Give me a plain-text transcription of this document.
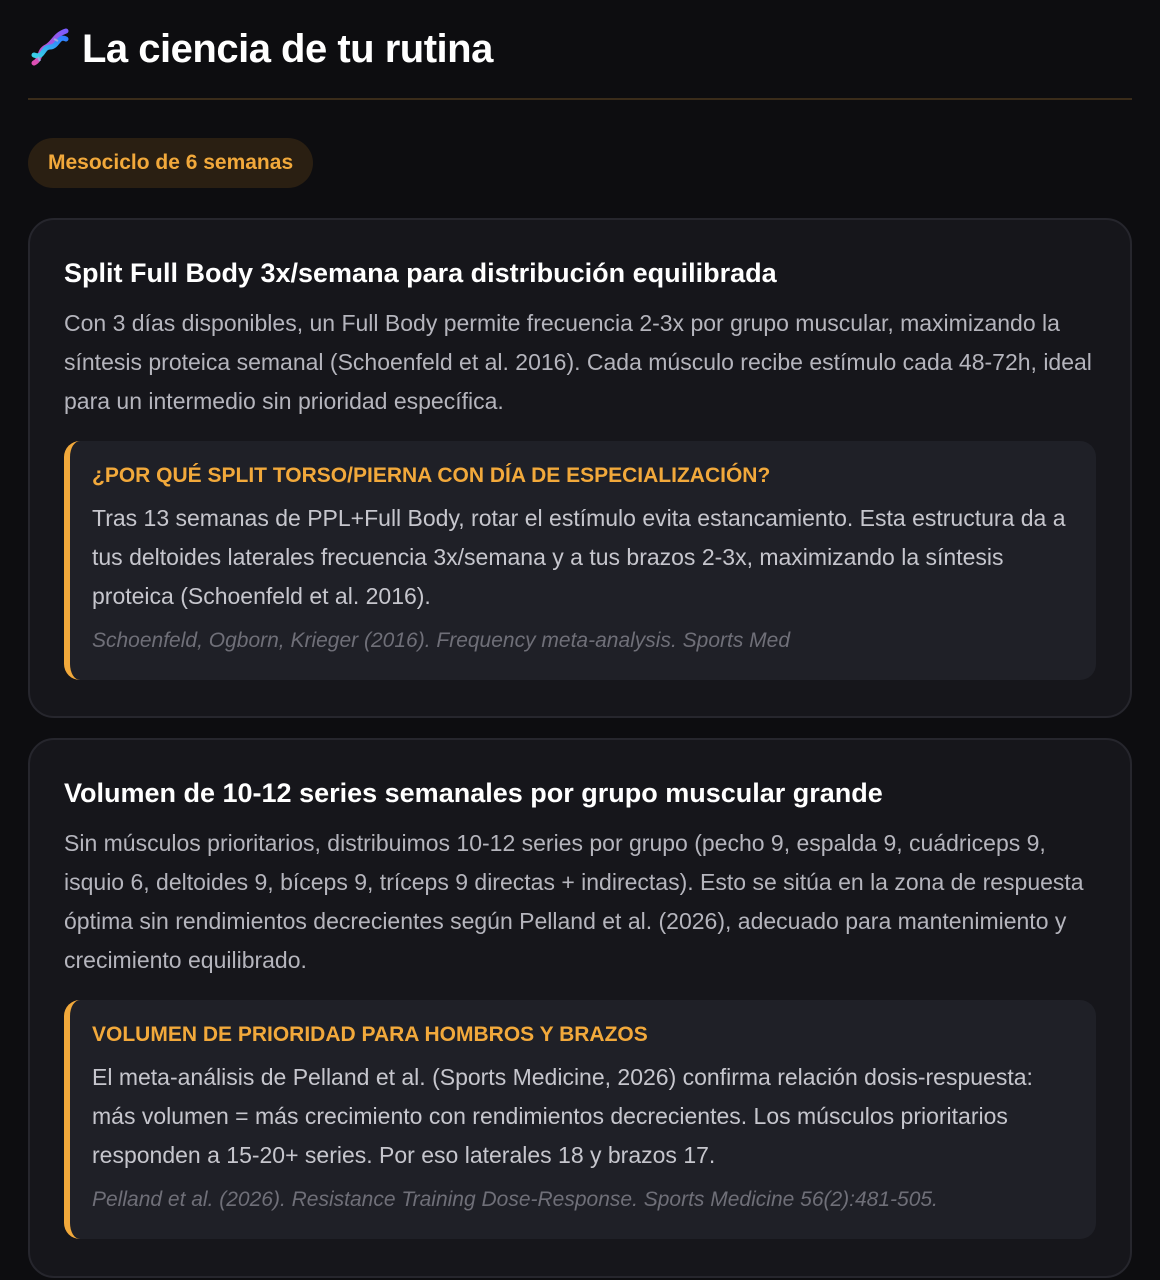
La ciencia de tu rutina
Mesociclo de 6 semanas
Split Full Body 3x/semana para distribución equilibrada

Con 3 días disponibles, un Full Body permite frecuencia 2-3x por grupo muscular, maximizando la síntesis proteica semanal (Schoenfeld et al. 2016). Cada músculo recibe estímulo cada 48-72h, ideal para un intermedio sin prioridad específica.

¿POR QUÉ SPLIT TORSO/PIERNA CON DÍA DE ESPECIALIZACIÓN?

Tras 13 semanas de PPL+Full Body, rotar el estímulo evita estancamiento. Esta estructura da a tus deltoides laterales frecuencia 3x/semana y a tus brazos 2-3x, maximizando la síntesis proteica (Schoenfeld et al. 2016).

Schoenfeld, Ogborn, Krieger (2016). Frequency meta-analysis. Sports Med

Volumen de 10-12 series semanales por grupo muscular grande

Sin músculos prioritarios, distribuimos 10-12 series por grupo (pecho 9, espalda 9, cuádriceps 9, isquio 6, deltoides 9, bíceps 9, tríceps 9 directas + indirectas). Esto se sitúa en la zona de respuesta óptima sin rendimientos decrecientes según Pelland et al. (2026), adecuado para mantenimiento y crecimiento equilibrado.

VOLUMEN DE PRIORIDAD PARA HOMBROS Y BRAZOS

El meta-análisis de Pelland et al. (Sports Medicine, 2026) confirma relación dosis-respuesta: más volumen = más crecimiento con rendimientos decrecientes. Los músculos prioritarios responden a 15-20+ series. Por eso laterales 18 y brazos 17.

Pelland et al. (2026). Resistance Training Dose-Response. Sports Medicine 56(2):481-505.
